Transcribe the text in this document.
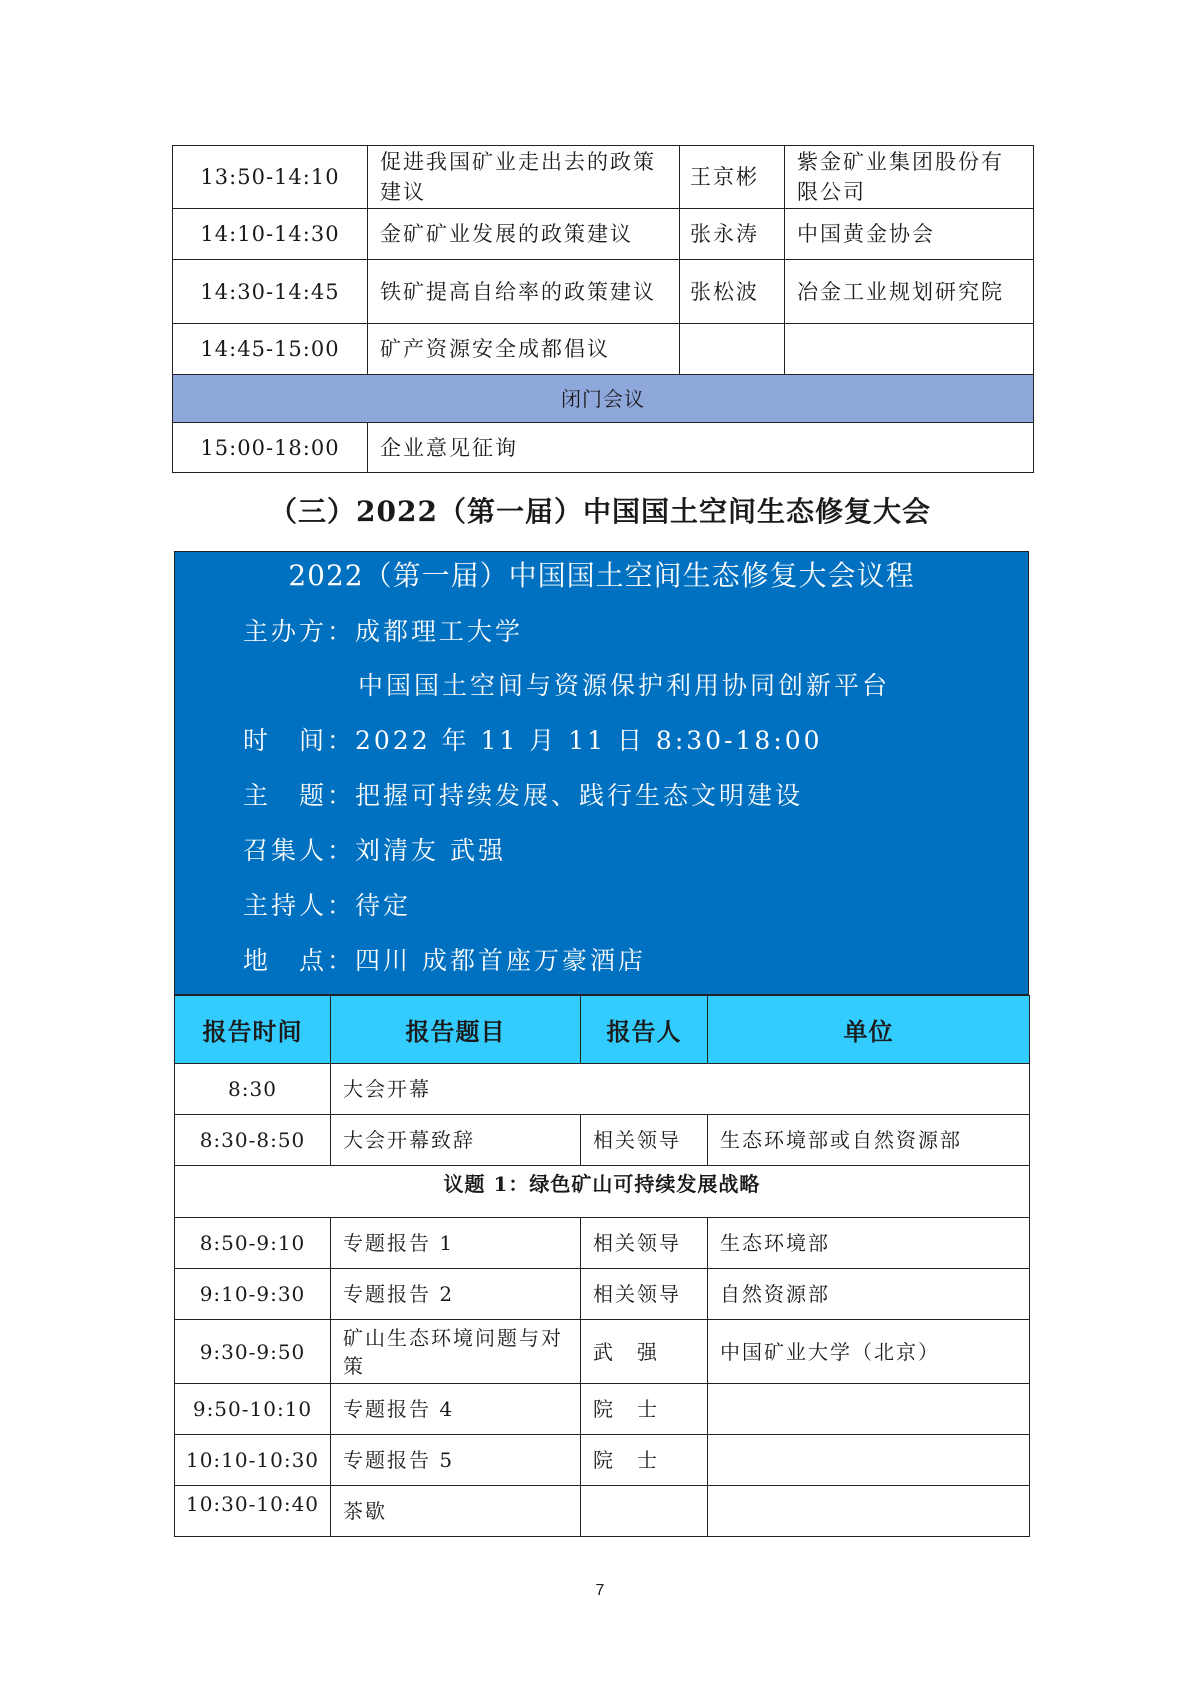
13:50-14:10	促进我国矿业走出去的政策建议	王京彬	紫金矿业集团股份有限公司
14:10-14:30	金矿矿业发展的政策建议	张永涛	中国黄金协会
14:30-14:45	铁矿提高自给率的政策建议	张松波	冶金工业规划研究院
14:45-15:00	矿产资源安全成都倡议		
闭门会议			
15:00-18:00	企业意见征询		
（三）2022（第一届）中国国土空间生态修复大会
2022（第一届）中国国土空间生态修复大会议程
主办方：成都理工大学
中国国土空间与资源保护利用协同创新平台
时　间：2022 年 11 月 11 日 8:30-18:00
主　题：把握可持续发展、践行生态文明建设
召集人：刘清友 武强
主持人：待定
地　点：四川 成都首座万豪酒店
报告时间	报告题目	报告人	单位
8:30	大会开幕		
8:30-8:50	大会开幕致辞	相关领导	生态环境部或自然资源部
议题 1：绿色矿山可持续发展战略			
8:50-9:10	专题报告 1	相关领导	生态环境部
9:10-9:30	专题报告 2	相关领导	自然资源部
9:30-9:50	矿山生态环境问题与对策	武　强	中国矿业大学（北京）
9:50-10:10	专题报告 4	院　士	
10:10-10:30	专题报告 5	院　士	
10:30-10:40	茶歇		
7
